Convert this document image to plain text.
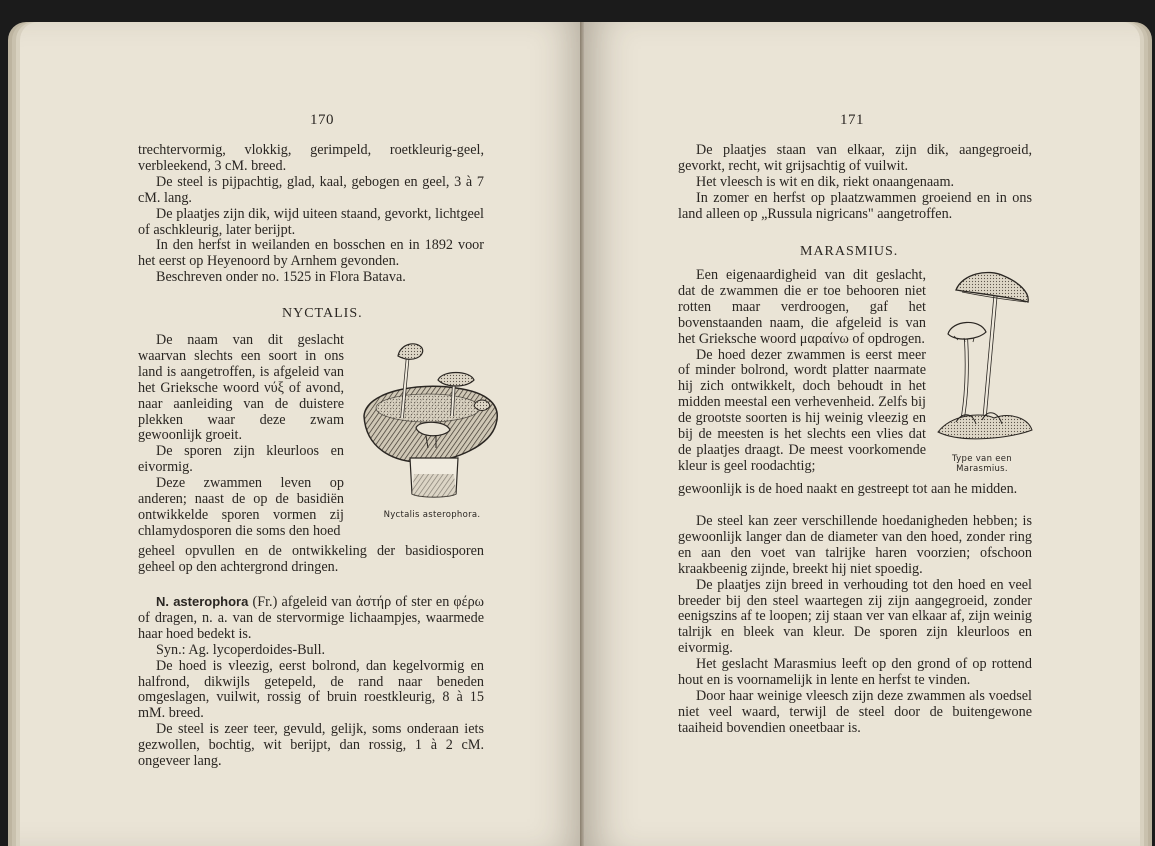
170

trechtervormig, vlokkig, gerimpeld, roetkleurig-geel, verbleekend, 3 cM. breed.

De steel is pijpachtig, glad, kaal, gebogen en geel, 3 à 7 cM. lang.

De plaatjes zijn dik, wijd uiteen staand, gevorkt, lichtgeel of aschkleurig, later berijpt.

In den herfst in weilanden en bosschen en in 1892 voor het eerst op Heyenoord by Arnhem gevonden.

Beschreven onder no. 1525 in Flora Batava.

NYCTALIS.

De naam van dit geslacht waarvan slechts een soort in ons land is aangetroffen, is afgeleid van het Grieksche woord νύξ of avond, naar aanleiding van de duistere plekken waar deze zwam gewoonlijk groeit.

De sporen zijn kleurloos en eivormig.

Deze zwammen leven op anderen; naast de op de basidiën ontwikkelde sporen vormen zij chlamydosporen die soms den hoed

Nyctalis asterophora.

geheel opvullen en de ontwikkeling der basidiosporen geheel op den achtergrond dringen.

N. asterophora (Fr.) afgeleid van ἀστήρ of ster en φέρω of dragen, n. a. van de stervormige lichaampjes, waarmede haar hoed bedekt is.

Syn.: Ag. lycoperdoides-Bull.

De hoed is vleezig, eerst bolrond, dan kegelvormig en halfrond, dikwijls getepeld, de rand naar beneden omgeslagen, vuilwit, rossig of bruin roestkleurig, 8 à 15 mM. breed.

De steel is zeer teer, gevuld, gelijk, soms onderaan iets gezwollen, bochtig, wit berijpt, dan rossig, 1 à 2 cM. ongeveer lang.

171

De plaatjes staan van elkaar, zijn dik, aangegroeid, gevorkt, recht, wit grijsachtig of vuilwit.

Het vleesch is wit en dik, riekt onaangenaam.

In zomer en herfst op plaatzwammen groeiend en in ons land alleen op „Russula nigricans" aangetroffen.

MARASMIUS.

Een eigenaardigheid van dit geslacht, dat de zwammen die er toe behooren niet rotten maar verdroogen, gaf het bovenstaanden naam, die afgeleid is van het Grieksche woord μαραίνω of opdrogen.

De hoed dezer zwammen is eerst meer of minder bolrond, wordt platter naarmate hij zich ontwikkelt, doch behoudt in het midden meestal een verhevenheid. Zelfs bij de grootste soorten is hij weinig vleezig en bij de meesten is het slechts een vlies dat de plaatjes draagt. De meest voorkomende kleur is geel roodachtig;	Type van een Marasmius.

gewoonlijk is de hoed naakt en gestreept tot aan he midden.

De steel kan zeer verschillende hoedanigheden hebben; is gewoonlijk langer dan de diameter van den hoed, zonder ring en aan den voet van talrijke haren voorzien; ofschoon kraakbeenig zijnde, breekt hij niet spoedig.

De plaatjes zijn breed in verhouding tot den hoed en veel breeder bij den steel waartegen zij zijn aangegroeid, zonder eenigszins af te loopen; zij staan ver van elkaar af, zijn weinig talrijk en bleek van kleur. De sporen zijn kleurloos en eivormig.

Het geslacht Marasmius leeft op den grond of op rottend hout en is voornamelijk in lente en herfst te vinden.

Door haar weinige vleesch zijn deze zwammen als voedsel niet veel waard, terwijl de steel door de buitengewone taaiheid bovendien oneetbaar is.
